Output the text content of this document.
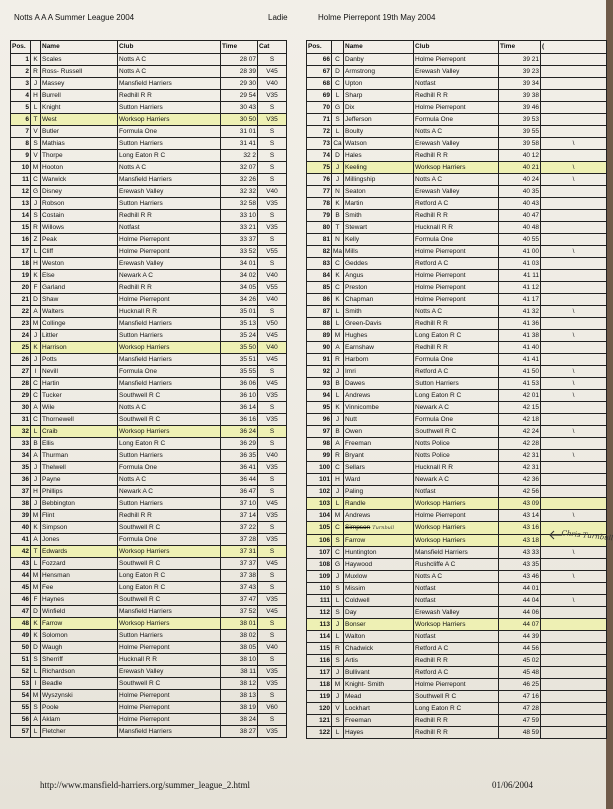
Notts A A A Summer League 2004	Ladie	Holme Pierrepont 19th May 2004
Pos.		Name	Club	Time	Cat
1	K	Scales	Notts A C	28 07	S
2	R	Ross- Russell	Notts A C	28 39	V45
3	J	Massey	Mansfield Harriers	29 30	V40
4	H	Burrell	Redhill R R	29 54	V35
5	L	Knight	Sutton Harriers	30 43	S
6	T	West	Worksop Harriers	30 50	V35
7	V	Butler	Formula One	31 01	S
8	S	Mathias	Sutton Harriers	31 41	S
9	V	Thorpe	Long Eaton R C	32 2	S
10	M	Hooton	Notts A C	32 07	S
11	C	Warwick	Mansfield Harriers	32 26	S
12	G	Disney	Erewash Valley	32 32	V40
13	J	Robson	Sutton Harriers	32 58	V35
14	S	Costain	Redhill R R	33 10	S
15	R	Willows	Notfast	33 21	V35
16	Z	Peak	Holme Pierrepont	33 37	S
17	L	Cliff	Holme Pierrepont	33 52	V55
18	H	Weston	Erewash Valley	34 01	S
19	K	Else	Newark A C	34 02	V40
20	F	Garland	Redhill R R	34 05	V55
21	D	Shaw	Holme Pierrepont	34 26	V40
22	A	Walters	Hucknall R R	35 01	S
23	M	Collinge	Mansfield Harriers	35 13	V50
24	J	Littler	Sutton Harriers	35 24	V45
25	K	Harrison	Worksop Harriers	35 50	V40
26	J	Potts	Mansfield Harriers	35 51	V45
27	I	Nevill	Formula One	35 55	S
28	C	Hartin	Mansfield Harriers	36 06	V45
29	C	Tucker	Southwell R C	36 10	V35
30	A	Wile	Notts A C	36 14	S
31	C	Thornewell	Southwell R C	36 16	V35
32	L	Craib	Worksop Harriers	36 24	S
33	B	Ellis	Long Eaton R C	36 29	S
34	A	Thurman	Sutton Harriers	36 35	V40
35	J	Thelwell	Formula One	36 41	V35
36	J	Payne	Notts A C	36 44	S
37	H	Phillips	Newark A C	36 47	S
38	J	Bebbington	Sutton Harriers	37 10	V45
39	M	Flint	Redhill R R	37 14	V35
40	K	Simpson	Southwell R C	37 22	S
41	A	Jones	Formula One	37 28	V35
42	T	Edwards	Worksop Harriers	37 31	S
43	L	Fozzard	Southwell R C	37 37	V45
44	M	Hensman	Long Eaton R C	37 38	S
45	M	Fee	Long Eaton R C	37 43	S
46	F	Haynes	Southwell R C	37 47	V35
47	D	Winfield	Mansfield Harriers	37 52	V45
48	K	Farrow	Worksop Harriers	38 01	S
49	K	Solomon	Sutton Harriers	38 02	S
50	D	Waugh	Holme Pierrepont	38 05	V40
51	S	Sherriff	Hucknall R R	38 10	S
52	L	Richardson	Erewash Valley	38 11	V35
53	I	Beadle	Southwell R C	38 12	V35
54	M	Wyszynski	Holme Pierrepont	38 13	S
55	S	Poole	Holme Pierrepont	38 19	V60
56	A	Aklam	Holme Pierrepont	38 24	S
57	L	Fletcher	Mansfield Harriers	38 27	V35
Pos.		Name	Club	Time	(
66	C	Danby	Holme Pierrepont	39 21	
67	D	Armstrong	Erewash Valley	39 23	
68	C	Upton	Notfast	39 34	
69	L	Sharp	Redhill R R	39 38	
70	G	Dix	Holme Pierrepont	39 46	
71	S	Jefferson	Formula One	39 53	
72	L	Boulty	Notts A C	39 55	
73	Ca	Watson	Erewash Valley	39 58	\
74	D	Hales	Redhill R R	40 12	
75	J	Keeling	Worksop Harriers	40 21	\
76	J	Millingship	Notts A C	40 24	\
77	N	Seaton	Erewash Valley	40 35	
78	K	Martin	Retford A C	40 43	
79	B	Smith	Redhill R R	40 47	
80	T	Stewart	Hucknall R R	40 48	
81	N	Kelly	Formula One	40 55	
82	Ma	Mills	Holme Pierrepont	41 00	\
83	C	Geddes	Retford A C	41 03	
84	K	Angus	Holme Pierrepont	41 11	
85	C	Preston	Holme Pierrepont	41 12	
86	K	Chapman	Holme Pierrepont	41 17	
87	L	Smith	Notts A C	41 32	\
88	L	Green-Davis	Redhill R R	41 36	
89	M	Hughes	Long Eaton R C	41 38	\
90	A	Earnshaw	Redhill R R	41 40	
91	R	Harborn	Formula One	41 41	
92	J	Imri	Retford A C	41 50	\
93	B	Dawes	Sutton Harriers	41 53	\
94	L	Andrews	Long Eaton R C	42 01	\
95	K	Vinnicombe	Newark A C	42 15	
96	J	Nutt	Formula One	42 18	
97	B	Owen	Southwell R C	42 24	\
98	A	Freeman	Notts Police	42 28	
99	R	Bryant	Notts Police	42 31	\
100	C	Sellars	Hucknall R R	42 31	
101	H	Ward	Newark A C	42 36	
102	J	Paling	Notfast	42 56	
103	L	Randle	Worksop Harriers	43 09	
104	M	Andrews	Holme Pierrepont	43 14	\
105	C	Simpson Turnbull	Worksop Harriers	43 16	
106	S	Farrow	Worksop Harriers	43 18	
107	C	Huntington	Mansfield Harriers	43 33	\
108	G	Haywood	Rushcliffe A C	43 35	
109	J	Muxlow	Notts A C	43 46	\
110	S	Missim	Notfast	44 01	
111	L	Coldwell	Notfast	44 04	\
112	S	Day	Erewash Valley	44 06	
113	J	Bonser	Worksop Harriers	44 07	
114	L	Walton	Notfast	44 39	
115	R	Chadwick	Retford A C	44 56	
116	S	Artis	Redhill R R	45 02	
117	J	Bullivant	Retford A C	45 48	
118	M	Knight- Smith	Holme Pierrepont	46 25	
119	J	Mead	Southwell R C	47 16	
120	V	Lockhart	Long Eaton R C	47 28	
121	S	Freeman	Redhill R R	47 59	
122	L	Hayes	Redhill R R	48 59	
Chris Turnbull
http://www.mansfield-harriers.org/summer_league_2.html	01/06/2004
